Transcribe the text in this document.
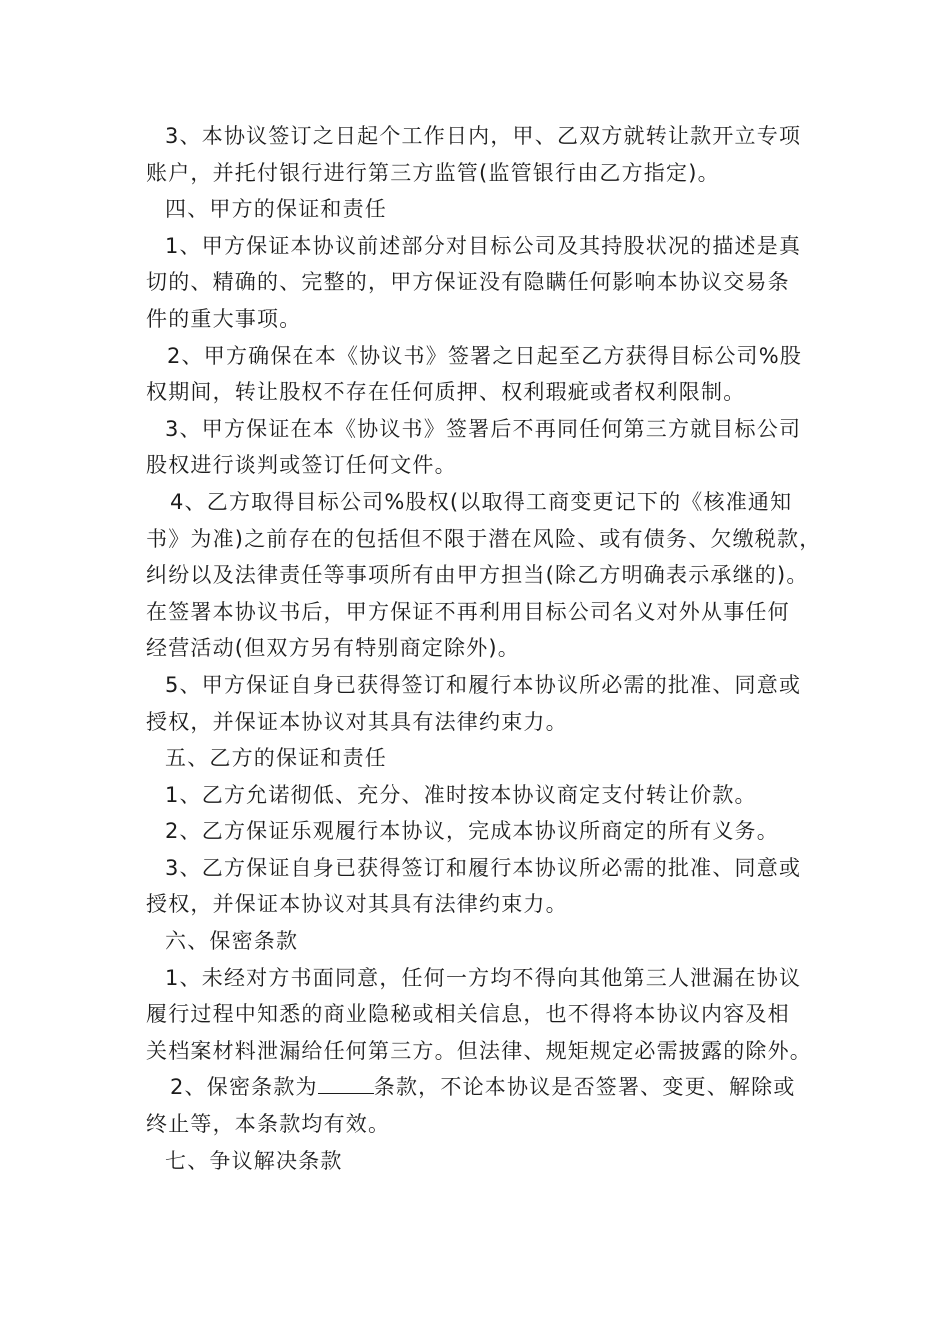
3、本协议签订之日起个工作日内，甲、乙双方就转让款开立专项
账户，并托付银行进行第三方监管(监管银行由乙方指定)。
四、甲方的保证和责任
1、甲方保证本协议前述部分对目标公司及其持股状况的描述是真
切的、精确的、完整的，甲方保证没有隐瞒任何影响本协议交易条
件的重大事项。
2、甲方确保在本《协议书》签署之日起至乙方获得目标公司%股
权期间，转让股权不存在任何质押、权利瑕疵或者权利限制。
3、甲方保证在本《协议书》签署后不再同任何第三方就目标公司
股权进行谈判或签订任何文件。
4、乙方取得目标公司%股权(以取得工商变更记下的《核准通知
书》为准)之前存在的包括但不限于潜在风险、或有债务、欠缴税款，
纠纷以及法律责任等事项所有由甲方担当(除乙方明确表示承继的)。
在签署本协议书后，甲方保证不再利用目标公司名义对外从事任何
经营活动(但双方另有特别商定除外)。
5、甲方保证自身已获得签订和履行本协议所必需的批准、同意或
授权，并保证本协议对其具有法律约束力。
五、乙方的保证和责任
1、乙方允诺彻低、充分、准时按本协议商定支付转让价款。
2、乙方保证乐观履行本协议，完成本协议所商定的所有义务。
3、乙方保证自身已获得签订和履行本协议所必需的批准、同意或
授权，并保证本协议对其具有法律约束力。
六、保密条款
1、未经对方书面同意，任何一方均不得向其他第三人泄漏在协议
履行过程中知悉的商业隐秘或相关信息，也不得将本协议内容及相
关档案材料泄漏给任何第三方。但法律、规矩规定必需披露的除外。
2、保密条款为	条款，不论本协议是否签署、变更、解除或
终止等，本条款均有效。
七、争议解决条款
